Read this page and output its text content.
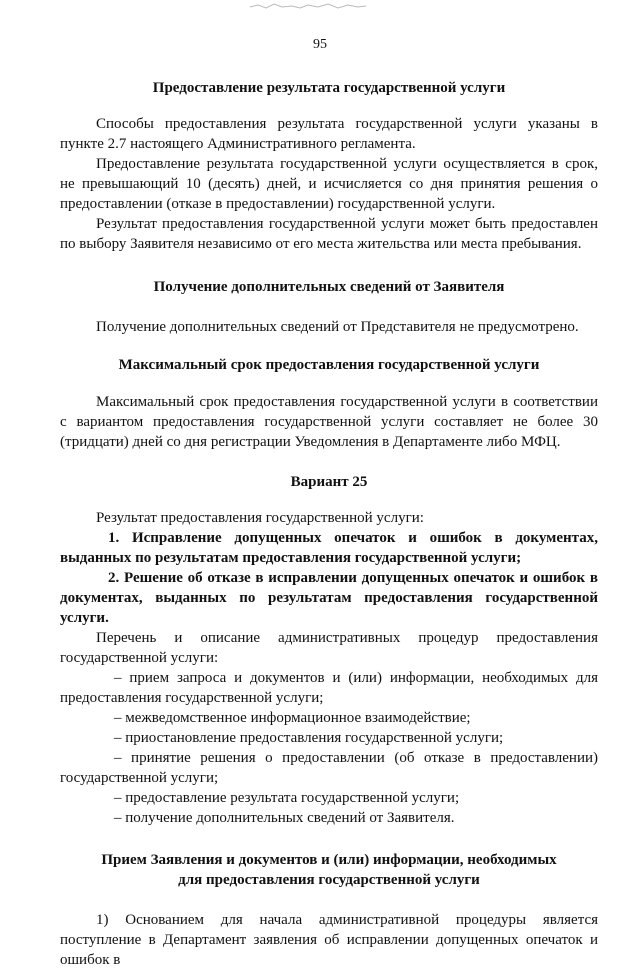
95
Предоставление результата государственной услуги

Способы предоставления результата государственной услуги указаны в пункте 2.7 настоящего Административного регламента.

Предоставление результата государственной услуги осуществляется в срок, не превышающий 10 (десять) дней, и исчисляется со дня принятия решения о предоставлении (отказе в предоставлении) государственной услуги.

Результат предоставления государственной услуги может быть предоставлен по выбору Заявителя независимо от его места жительства или места пребывания.

Получение дополнительных сведений от Заявителя

Получение дополнительных сведений от Представителя не предусмотрено.

Максимальный срок предоставления государственной услуги

Максимальный срок предоставления государственной услуги в соответствии с вариантом предоставления государственной услуги составляет не более 30 (тридцати) дней со дня регистрации Уведомления в Департаменте либо МФЦ.

Вариант 25

Результат предоставления государственной услуги:

1. Исправление допущенных опечаток и ошибок в документах, выданных по результатам предоставления государственной услуги;

2. Решение об отказе в исправлении допущенных опечаток и ошибок в документах, выданных по результатам предоставления государственной услуги.

Перечень и описание административных процедур предоставления государственной услуги:

– прием запроса и документов и (или) информации, необходимых для предоставления государственной услуги;

– межведомственное информационное взаимодействие;

– приостановление предоставления государственной услуги;

– принятие решения о предоставлении (об отказе в предоставлении) государственной услуги;

– предоставление результата государственной услуги;

– получение дополнительных сведений от Заявителя.

Прием Заявления и документов и (или) информации, необходимых для предоставления государственной услуги

1) Основанием для начала административной процедуры является поступление в Департамент заявления об исправлении допущенных опечаток и ошибок в
